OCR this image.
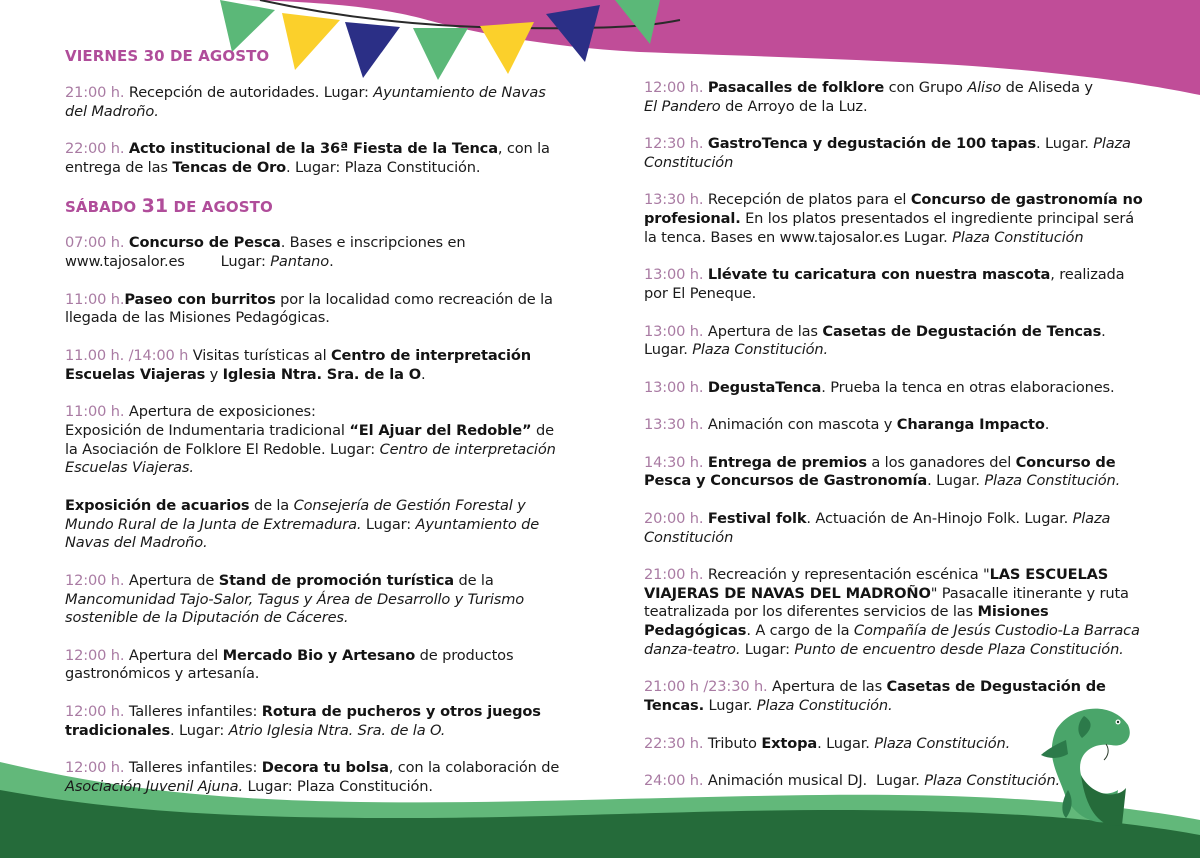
VIERNES 30 DE AGOSTO
21:00 h. Recepción de autoridades. Lugar: Ayuntamiento de Navas del Madroño.
22:00 h. Acto institucional de la 36ª Fiesta de la Tenca, con la entrega de las Tencas de Oro. Lugar: Plaza Constitución.
SÁBADO 31 DE AGOSTO
07:00 h. Concurso de Pesca. Bases e inscripciones en www.tajosalor.es        Lugar: Pantano.
11:00 h.Paseo con burritos por la localidad como recreación de la llegada de las Misiones Pedagógicas.
11.00 h. /14:00 h Visitas turísticas al Centro de interpretación Escuelas Viajeras y Iglesia Ntra. Sra. de la O.
11:00 h. Apertura de exposiciones:
Exposición de Indumentaria tradicional “El Ajuar del Redoble” de la Asociación de Folklore El Redoble. Lugar: Centro de interpretación Escuelas Viajeras.
Exposición de acuarios de la Consejería de Gestión Forestal y Mundo Rural de la Junta de Extremadura. Lugar: Ayuntamiento de Navas del Madroño.
12:00 h. Apertura de Stand de promoción turística de la Mancomunidad Tajo-Salor, Tagus y Área de Desarrollo y Turismo sostenible de la Diputación de Cáceres.
12:00 h. Apertura del Mercado Bio y Artesano de productos gastronómicos y artesanía.
12:00 h. Talleres infantiles: Rotura de pucheros y otros juegos tradicionales. Lugar: Atrio Iglesia Ntra. Sra. de la O.
12:00 h. Talleres infantiles: Decora tu bolsa, con la colaboración de Asociación Juvenil Ajuna. Lugar: Plaza Constitución.
12:00 h. Pasacalles de folklore con Grupo Aliso de Aliseda y
El Pandero de Arroyo de la Luz.
12:30 h. GastroTenca y degustación de 100 tapas. Lugar. Plaza Constitución
13:30 h. Recepción de platos para el Concurso de gastronomía no profesional. En los platos presentados el ingrediente principal será la tenca. Bases en www.tajosalor.es Lugar. Plaza Constitución
13:00 h. Llévate tu caricatura con nuestra mascota, realizada por El Peneque.
13:00 h. Apertura de las Casetas de Degustación de Tencas. Lugar. Plaza Constitución.
13:00 h. DegustaTenca. Prueba la tenca en otras elaboraciones.
13:30 h. Animación con mascota y Charanga Impacto.
14:30 h. Entrega de premios a los ganadores del Concurso de Pesca y Concursos de Gastronomía. Lugar. Plaza Constitución.
20:00 h. Festival folk. Actuación de An-Hinojo Folk. Lugar. Plaza Constitución
21:00 h. Recreación y representación escénica "LAS ESCUELAS VIAJERAS DE NAVAS DEL MADROÑO" Pasacalle itinerante y ruta teatralizada por los diferentes servicios de las Misiones Pedagógicas. A cargo de la Compañía de Jesús Custodio-La Barraca danza-teatro. Lugar: Punto de encuentro desde Plaza Constitución.
21:00 h /23:30 h. Apertura de las Casetas de Degustación de Tencas. Lugar. Plaza Constitución.
22:30 h. Tributo Extopa. Lugar. Plaza Constitución.
24:00 h. Animación musical DJ.  Lugar. Plaza Constitución.
